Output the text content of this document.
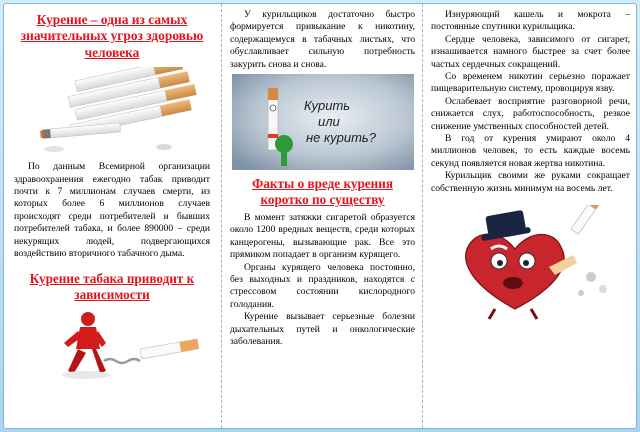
Курение – одна из самых значительных угроз здоровью человека

По данным Всемирной организации здравоохранения ежегодно табак приводит почти к 7 миллионам случаев смерти, из которых более 6 миллионов случаев происходят среди потребителей и бывших потребителей табака, и более 890000 – среди некурящих людей, подвергающихся воздействию вторичного табачного дыма.

Курение табака приводит к зависимости

У курильщиков достаточно быстро формируется привыкание к никотину, содержащемуся в табачных листьях, что обуславливает сильную потребность закурить снова и снова.

Курить
или
не курить?

Факты о вреде курения коротко по существу

В момент затяжки сигаретой образуется около 1200 вредных веществ, среди которых канцерогены, вызывающие рак. Все это прямиком попадает в организм курящего.
Органы курящего человека постоянно, без выходных и праздников, находятся с стрессовом состоянии кислородного голодания.
Курение вызывает серьезные болезни дыхательных путей и онкологические заболевания.

Изнуряющий кашель и мокрота – постоянные спутники курильщика.
Сердце человека, зависимого от сигарет, изнашивается намного быстрее за счет более частых сердечных сокращений.
Со временем никотин серьезно поражает пищеварительную систему, провоцируя язву.
Ослабевает восприятие разговорной речи, снижается слух, работоспособность, резкое снижение умственных способностей детей.
В год от курения умирают около 4 миллионов человек, то есть каждые восемь секунд появляется новая жертва никотина.
Курильщик своими же руками сокращает собственную жизнь минимум на восемь лет.
